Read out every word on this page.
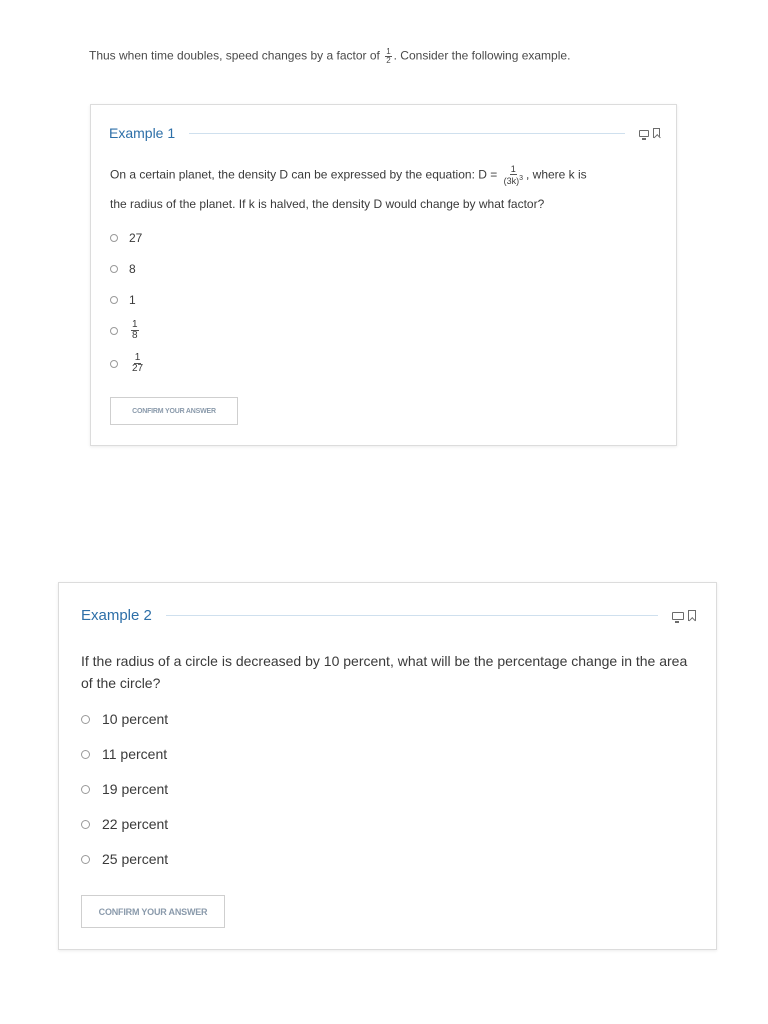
Thus when time doubles, speed changes by a factor of $\frac{1}{2}$ . Consider the following example.
Example 1
On a certain planet, the density D can be expressed by the equation: $D = \frac{1}{(3k)^3}$ , where k is
the radius of the planet. If k is halved, the density D would change by what factor?
27
8
1
$\frac{1}{8}$
$\frac{1}{27}$
CONFIRM YOUR ANSWER
Example 2
If the radius of a circle is decreased by 10 percent, what will be the percentage change in the area of the circle?
10 percent
11 percent
19 percent
22 percent
25 percent
CONFIRM YOUR ANSWER
